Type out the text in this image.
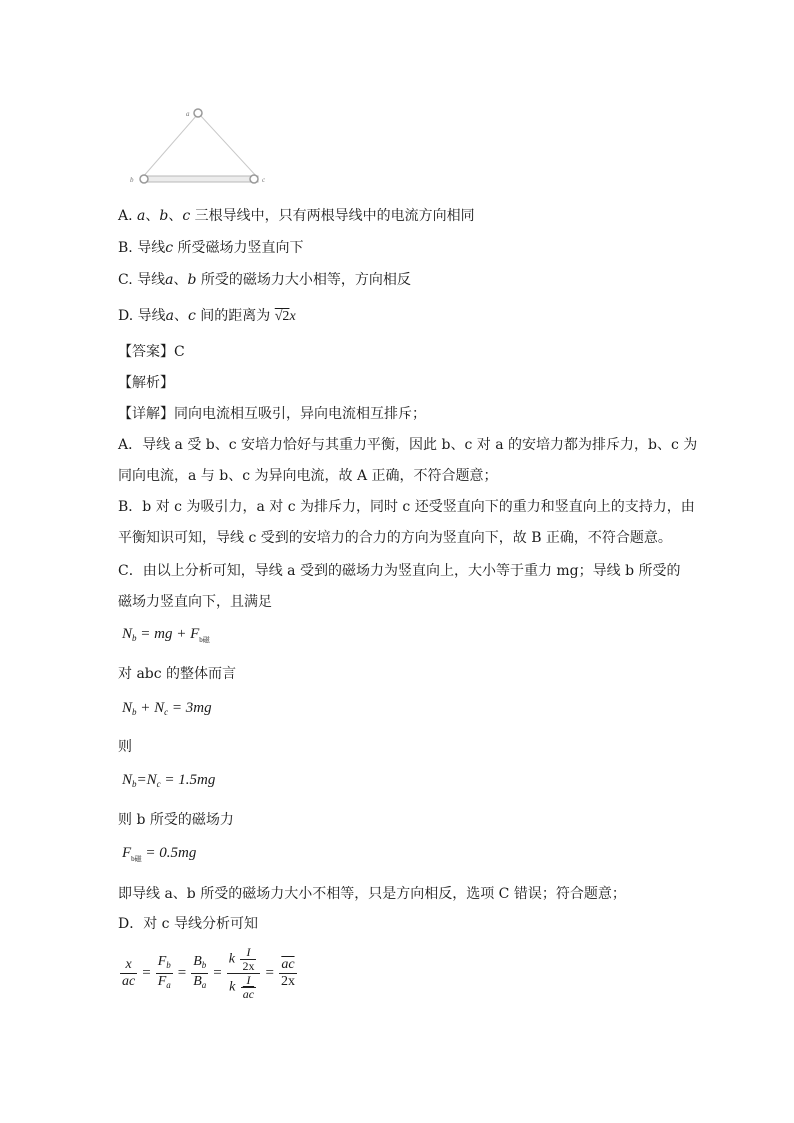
a
b	c
A. a、b、c 三根导线中，只有两根导线中的电流方向相同
B. 导线c 所受磁场力竖直向下
C. 导线a、b 所受的磁场力大小相等，方向相反
D. 导线a、c 间的距离为 √2x
【答案】C
【解析】
【详解】同向电流相互吸引，异向电流相互排斥；
A．导线 a 受 b、c 安培力恰好与其重力平衡，因此 b、c 对 a 的安培力都为排斥力，b、c 为
同向电流，a 与 b、c 为异向电流，故 A 正确，不符合题意；
B．b 对 c 为吸引力，a 对 c 为排斥力，同时 c 还受竖直向下的重力和竖直向上的支持力，由
平衡知识可知，导线 c 受到的安培力的合力的方向为竖直向下，故 B 正确，不符合题意。
C．由以上分析可知，导线 a 受到的磁场力为竖直向上，大小等于重力 mg；导线 b 所受的
磁场力竖直向下，且满足
$N_b$ = mg + $F_{b磁}$
对 abc 的整体而言
$N_b + N_c = 3mg$
则
$N_b=N_c = 1.5mg$
则 b 所受的磁场力
$F_{b磁} = 0.5mg$
即导线 a、b 所受的磁场力大小不相等，只是方向相反，选项 C 错误；符合题意；
D．对 c 导线分析可知
$\frac{x}{ac} = \frac{F_b}{F_a} = \frac{B_b}{B_a} = \frac{k \frac{I}{2x}}{k \frac{I}{ac}} = \frac{\overline{ac}}{2x}$
